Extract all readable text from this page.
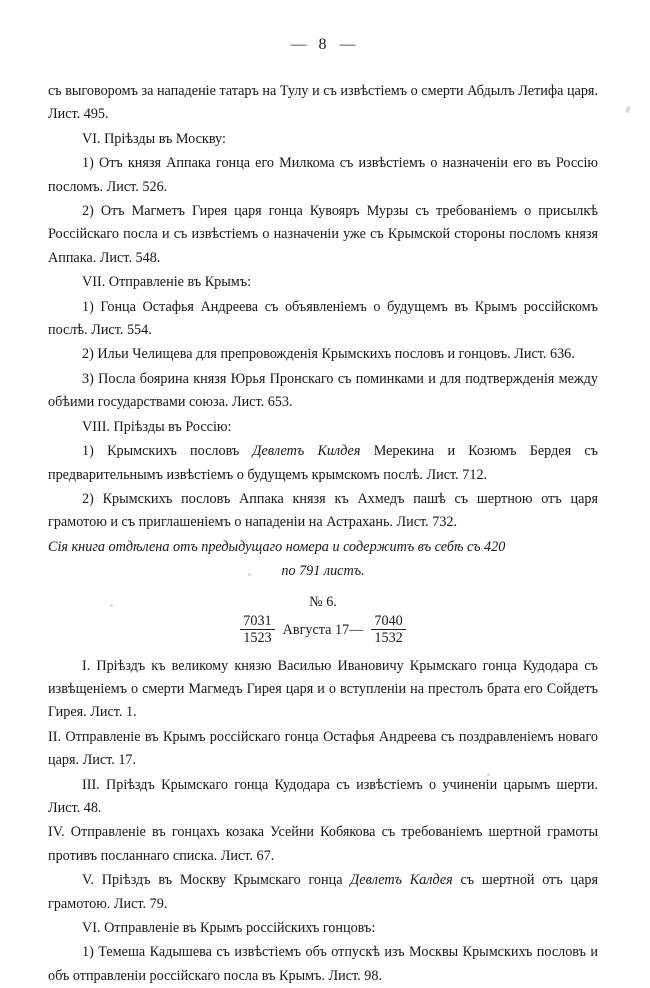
— 8 —

съ выговоромъ за нападеніе татаръ на Тулу и съ извѣстіемъ о смерти Абдылъ Летифа царя. Лист. 495.

VI. Пріѣзды въ Москву:

1) Отъ князя Аппака гонца его Милкома съ извѣстіемъ о назначеніи его въ Россію посломъ. Лист. 526.

2) Отъ Магметъ Гирея царя гонца Кувояръ Мурзы съ требованіемъ о присылкѣ Россійскаго посла и съ извѣстіемъ о назначеніи уже съ Крымской стороны посломъ князя Аппака. Лист. 548.

VII. Отправленіе въ Крымъ:

1) Гонца Остафья Андреева съ объявленіемъ о будущемъ въ Крымъ россійскомъ послѣ. Лист. 554.

2) Ильи Челищева для препровожденія Крымскихъ пословъ и гонцовъ. Лист. 636.

3) Посла боярина князя Юрья Пронскаго съ поминками и для подтвержденія между обѣими государствами союза. Лист. 653.

VIII. Пріѣзды въ Россію:

1) Крымскихъ пословъ Девлетъ Килдея Мерекина и Козюмъ Бердея съ предварительнымъ извѣстіемъ о будущемъ крымскомъ послѣ. Лист. 712.

2) Крымскихъ пословъ Аппака князя къ Ахмедъ пашѣ съ шертною отъ царя грамотою и съ приглашеніемъ о нападеніи на Астрахань. Лист. 732.

Сія книга отдѣлена отъ предыдущаго номера и содержитъ въ себѣ съ 420

по 791 листъ.

№ 6.
$\frac{7031}{1523}$ Августа 17— $\frac{7040}{1532}$

I. Пріѣздъ къ великому князю Василью Ивановичу Крымскаго гонца Кудодара съ извѣщеніемъ о смерти Магмедъ Гирея царя и о вступленіи на престолъ брата его Сойдетъ Гирея. Лист. 1.

II. Отправленіе въ Крымъ россійскаго гонца Остафья Андреева съ поздравленіемъ новаго царя. Лист. 17.

III. Пріѣздъ Крымскаго гонца Кудодара съ извѣстіемъ о учиненіи царымъ шерти. Лист. 48.

IV. Отправленіе въ гонцахъ козака Усейни Кобякова съ требованіемъ шертной грамоты противъ посланнаго списка. Лист. 67.

V. Пріѣздъ въ Москву Крымскаго гонца Девлетъ Калдея съ шертной отъ царя грамотою. Лист. 79.

VI. Отправленіе въ Крымъ россійскихъ гонцовъ:

1) Темеша Кадышева съ извѣстіемъ объ отпускѣ изъ Москвы Крымскихъ пословъ и объ отправленіи россійскаго посла въ Крымъ. Лист. 98.
